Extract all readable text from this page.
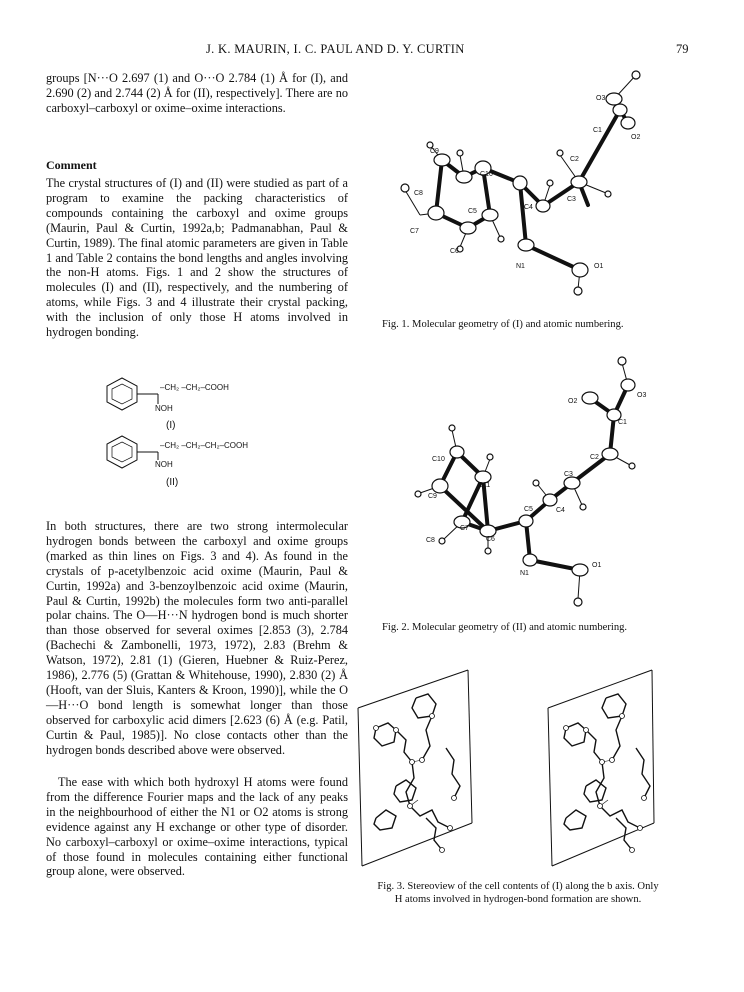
J. K. MAURIN, I. C. PAUL AND D. Y. CURTIN	79

groups [N···O 2.697 (1) and O···O 2.784 (1) Å for (I), and 2.690 (2) and 2.744 (2) Å for (II), respectively]. There are no carboxyl–carboxyl or oxime–oxime interactions.

Comment

The crystal structures of (I) and (II) were studied as part of a program to examine the packing characteristics of compounds containing the carboxyl and oxime groups (Maurin, Paul & Curtin, 1992a,b; Padmanabhan, Paul & Curtin, 1989). The final atomic parameters are given in Table 1 and Table 2 contains the bond lengths and angles involving the non-H atoms. Figs. 1 and 2 show the structures of molecules (I) and (II), respectively, and the numbering of atoms, while Figs. 3 and 4 illustrate their crystal packing, with the inclusion of only those H atoms involved in hydrogen bonding.

–CH₂ –CH₂–COOH
NOH
(I)
–CH₂ –CH₂–CH₂–COOH
NOH
(II)

In both structures, there are two strong intermolecular hydrogen bonds between the carboxyl and oxime groups (marked as thin lines on Figs. 3 and 4). As found in the crystals of p-acetylbenzoic acid oxime (Maurin, Paul & Curtin, 1992a) and 3-benzoylbenzoic acid oxime (Maurin, Paul & Curtin, 1992b) the molecules form two anti-parallel polar chains. The O—H···N hydrogen bond is much shorter than those observed for several oximes [2.853 (3), 2.784 (Bachechi & Zambonelli, 1973, 1972), 2.83 (Brehm & Watson, 1972), 2.81 (1) (Gieren, Huebner & Ruiz-Perez, 1986), 2.776 (5) (Grattan & Whitehouse, 1990), 2.830 (2) Å (Hooft, van der Sluis, Kanters & Kroon, 1990)], while the O—H···O bond length is somewhat longer than those observed for carboxylic acid dimers [2.623 (6) Å (e.g. Patil, Curtin & Paul, 1985)]. No close contacts other than the hydrogen bonds described above were observed.

The ease with which both hydroxyl H atoms were found from the difference Fourier maps and the lack of any peaks in the neighbourhood of either the N1 or O2 atoms is strong evidence against any H exchange or other type of disorder. No carboxyl–carboxyl or oxime–oxime interactions, typical of those found in molecules containing either functional group alone, were observed.

O3
C1
O2
C2
C3
C4
C5
C6
C7
C8
C9
C10
N1	O1
Fig. 1. Molecular geometry of (I) and atomic numbering.
O2
O3
C1
C2
C3
C4
C5
C6
C7
C8
C9
C10
C11
N1
O1
Fig. 2. Molecular geometry of (II) and atomic numbering.
Fig. 3. Stereoview of the cell contents of (I) along the b axis. Only
H atoms involved in hydrogen-bond formation are shown.
